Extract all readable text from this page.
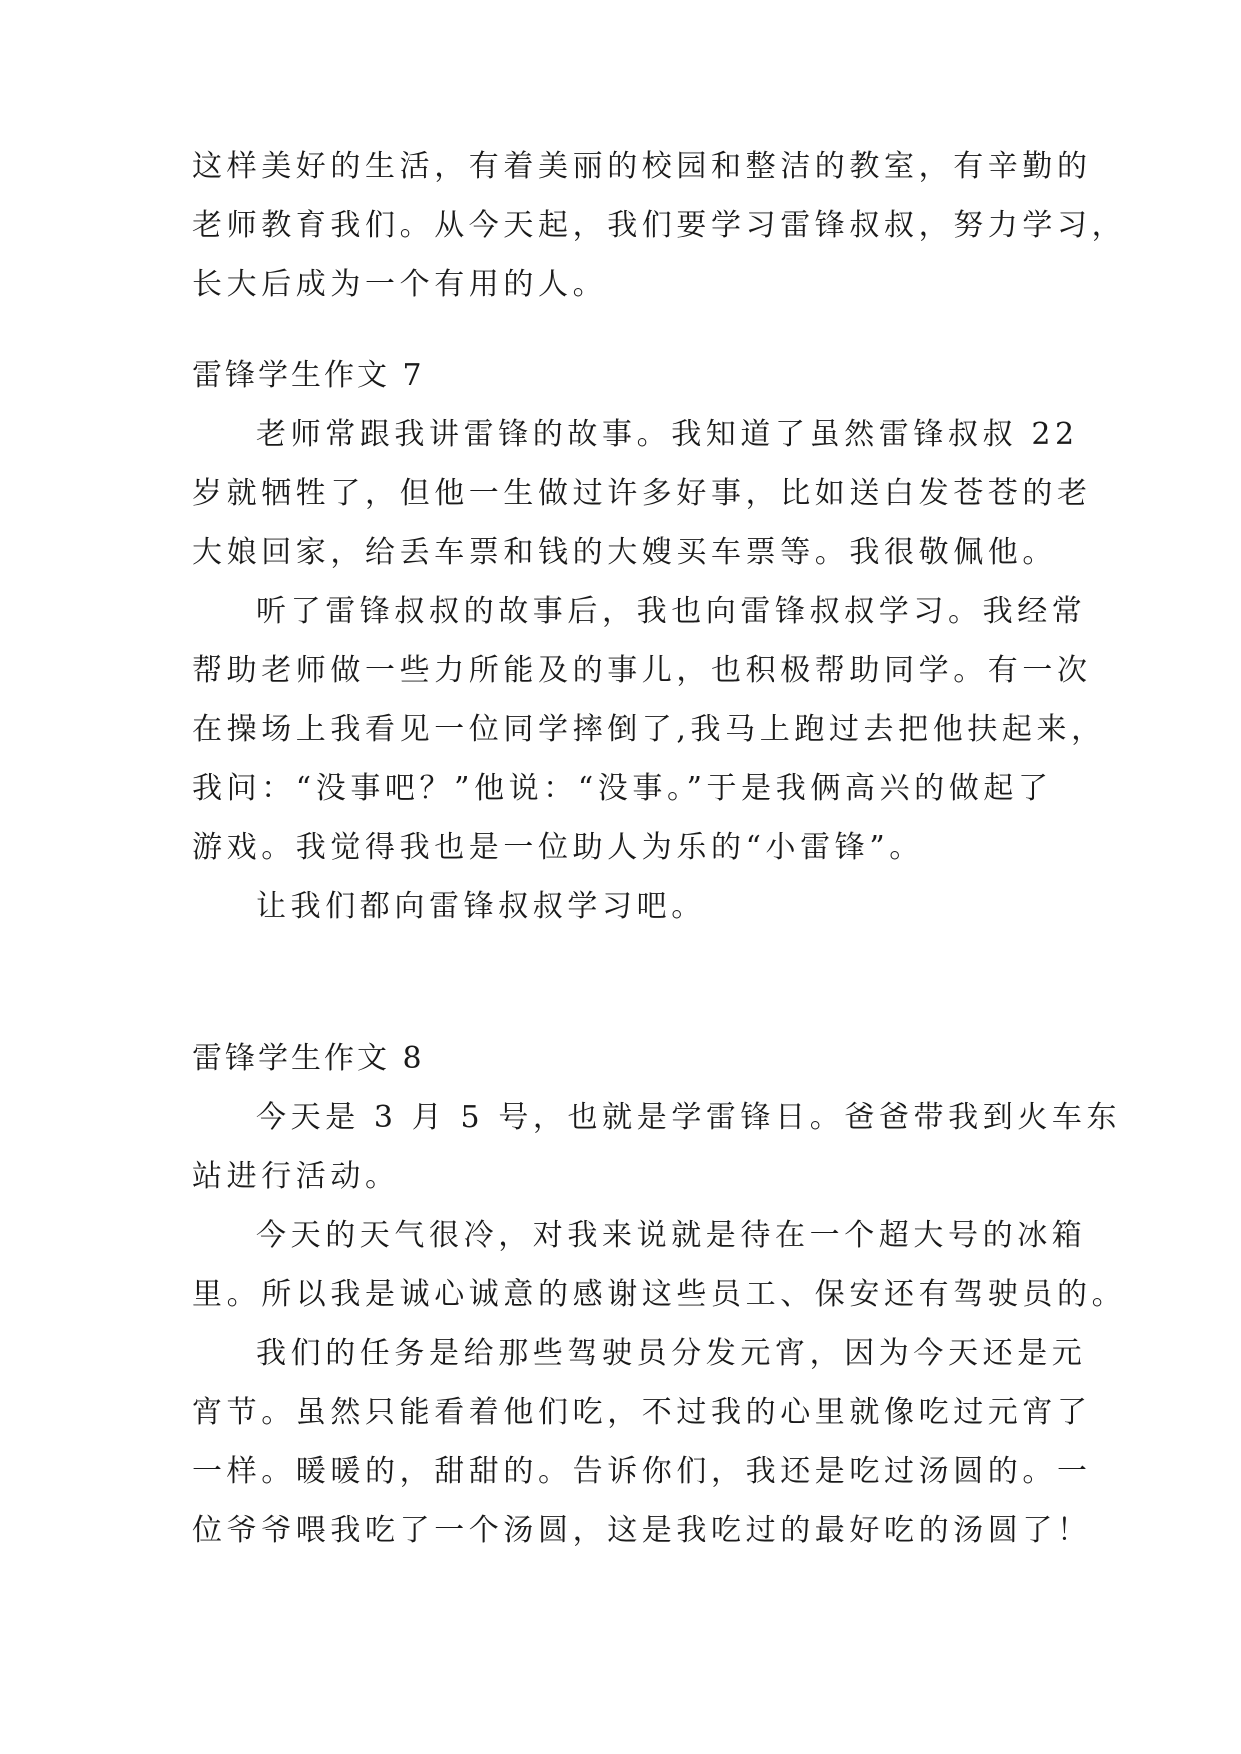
这样美好的生活，有着美丽的校园和整洁的教室，有辛勤的
老师教育我们。从今天起，我们要学习雷锋叔叔，努力学习，
长大后成为一个有用的人。
雷锋学生作文 7
老师常跟我讲雷锋的故事。我知道了虽然雷锋叔叔 22
岁就牺牲了，但他一生做过许多好事，比如送白发苍苍的老
大娘回家，给丢车票和钱的大嫂买车票等。我很敬佩他。
听了雷锋叔叔的故事后，我也向雷锋叔叔学习。我经常
帮助老师做一些力所能及的事儿，也积极帮助同学。有一次
在操场上我看见一位同学摔倒了,我马上跑过去把他扶起来，
我问：“没事吧？”他说：“没事。”于是我俩高兴的做起了
游戏。我觉得我也是一位助人为乐的“小雷锋”。
让我们都向雷锋叔叔学习吧。
雷锋学生作文 8
今天是 3 月 5 号，也就是学雷锋日。爸爸带我到火车东
站进行活动。
今天的天气很冷，对我来说就是待在一个超大号的冰箱
里。所以我是诚心诚意的感谢这些员工、保安还有驾驶员的。
我们的任务是给那些驾驶员分发元宵，因为今天还是元
宵节。虽然只能看着他们吃，不过我的心里就像吃过元宵了
一样。暖暖的，甜甜的。告诉你们，我还是吃过汤圆的。一
位爷爷喂我吃了一个汤圆，这是我吃过的最好吃的汤圆了！
